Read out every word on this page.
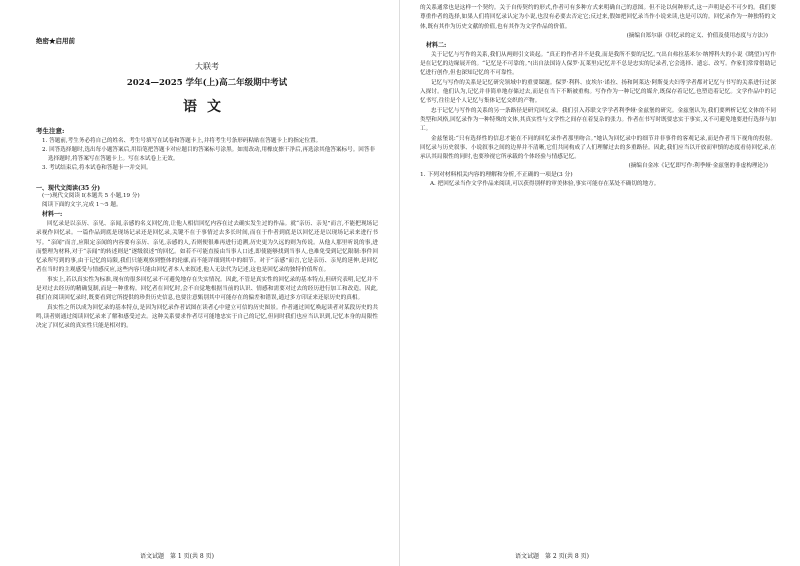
绝密★启用前
大联考
2024—2025 学年(上)高二年级期中考试
语文
考生注意:
1. 答题前,考生务必将自己的姓名、考生号填写在试卷和答题卡上,并将考生号条形码粘贴在答题卡上的指定位置。
2. 回答选择题时,选出每小题答案后,用铅笔把答题卡对应题目的答案标号涂黑。如需改动,用橡皮擦干净后,再选涂其他答案标号。回答非选择题时,将答案写在答题卡上。写在本试卷上无效。
3. 考试结束后,将本试卷和答题卡一并交回。
一、现代文阅读(35 分)
(一)现代文阅读 Ⅰ(本题共 5 小题,19 分)
阅读下面的文字,完成 1～5 题。
材料一:

回忆录是以亲历、亲见、亲闻,亲感的名义回忆的,让他人相信回忆内容在过去确实发生过的作品。就“亲历、亲见”而言,不能把现场记录视作回忆录。一篇作品到底是现场记录还是回忆录,关键不在于事情过去多长时间,而在于作者到底是以回忆还是以现场记录来进行书写。“亲闻”而言,应限定亲闻的内容要有亲历、亲见,亲感的人,否则便很难再进行追溯,历史更为久远的则为传说。从他人那里听说的事,进而整理为材料,对于“亲闻”的转述则是“逐级叙述”的回忆。如若不可能直接由当事人口述,即使能够找到当事人,也难免受到记忆限制:事件回忆录所写到的事,由于记忆的局限,我们只能观察到整体的轮廓,而不能详细到其中的细节。对于“亲感”而言,它是亲历、亲见的延伸,是回忆者在当时的主观感受与情感反应,这些内容只能由回忆者本人来叙述,他人无法代为记述,这也是回忆录的独特价值所在。

事实上,若以真实性为标准,现有的很多回忆录不可避免地存在失实情况。因此,不管是真实性的回忆录的基本特点,但研究表明,记忆并不是对过去经历的精确复制,而是一种重构。回忆者在回忆时,会不自觉地根据当前的认识、情感和需要对过去的经历进行加工和改造。因此,我们在阅读回忆录时,既要看到它所提供的珍贵历史信息,也要注意甄别其中可能存在的偏差和错误,通过多方印证来还原历史的真相。

真实性之所以成为回忆录的基本特点,是因为回忆录作者试图在读者心中建立可信的历史图景。作者通过回忆唤起读者对某段历史的共鸣,读者则通过阅读回忆录来了解和感受过去。这种关系要求作者尽可能地忠实于自己的记忆,但同时我们也应当认识到,记忆本身的局限性决定了回忆录的真实性只能是相对的。

语文试题　第 1 页(共 8 页)

的关系通常也是这样一个契约。关于自传契约的形式,作者可有多种方式来明确自己的意图。但不论以何种形式,这一声明是必不可少的。我们要尊重作者的选择,如果人们将回忆录认定为小说,也没有必要去否定它;反过来,假如把回忆录当作小说来读,也是可以的。回忆录作为一种独特的文体,既有其作为历史文献的价值,也有其作为文学作品的价值。

(摘编自郑尔康《回忆录的定义、价值及使用态度与方法》)
材料二:

关于记忆与写作的关系,我们从两则引文谈起。“真正的作者并不是我,而是我所不要的记忆。”(出自弗拉基米尔·纳博科夫的小说《眺望》)写作是在记忆的边缘展开的。“记忆是不可靠的。”(出自法国诗人保罗·瓦莱里)记忆并不总是忠实的记录者,它会选择、遗忘、改写。作家们常常借助记忆进行创作,但也深知记忆的不可靠性。

记忆与写作的关系是记忆研究领域中的重要课题。保罗·利科、皮埃尔·诺拉、扬和阿莱达·阿斯曼夫妇等学者都对记忆与书写的关系进行过深入探讨。他们认为,记忆并非简单地存储过去,而是在当下不断被重构。写作作为一种记忆的媒介,既保存着记忆,也塑造着记忆。文学作品中的记忆书写,往往是个人记忆与集体记忆交织的产物。

忠于记忆与写作的关系的另一条路径是研究回忆录。我们引入苏联文学学者利季娅·金兹堡的研究。金兹堡认为,我们要辨析记忆文体的不同类型和风格,回忆录作为一种特殊的文体,其真实性与文学性之间存在着复杂的张力。作者在书写时既要忠实于事实,又不可避免地要进行选择与加工。

金兹堡说:“只有选择性的信息才能在不同的回忆录作者那里吻合。”她认为回忆录中的细节并非事件的客观记录,而是作者当下视角的投射。回忆录与历史叙事、小说叙事之间的边界并不清晰,它们共同构成了人们理解过去的多重路径。因此,我们应当以开放而审慎的态度看待回忆录,在承认其局限性的同时,也要珍视它所承载的个体经验与情感记忆。

(摘编自金冰《记忆即写作:利季娅·金兹堡的非虚构理论》)
1. 下列对材料相关内容的理解和分析,不正确的一项是(3 分)
A. 把回忆录当作文学作品来阅读,可以获得别样的审美体验,事实可能存在某处不确切的地方。
语文试题　第 2 页(共 8 页)
